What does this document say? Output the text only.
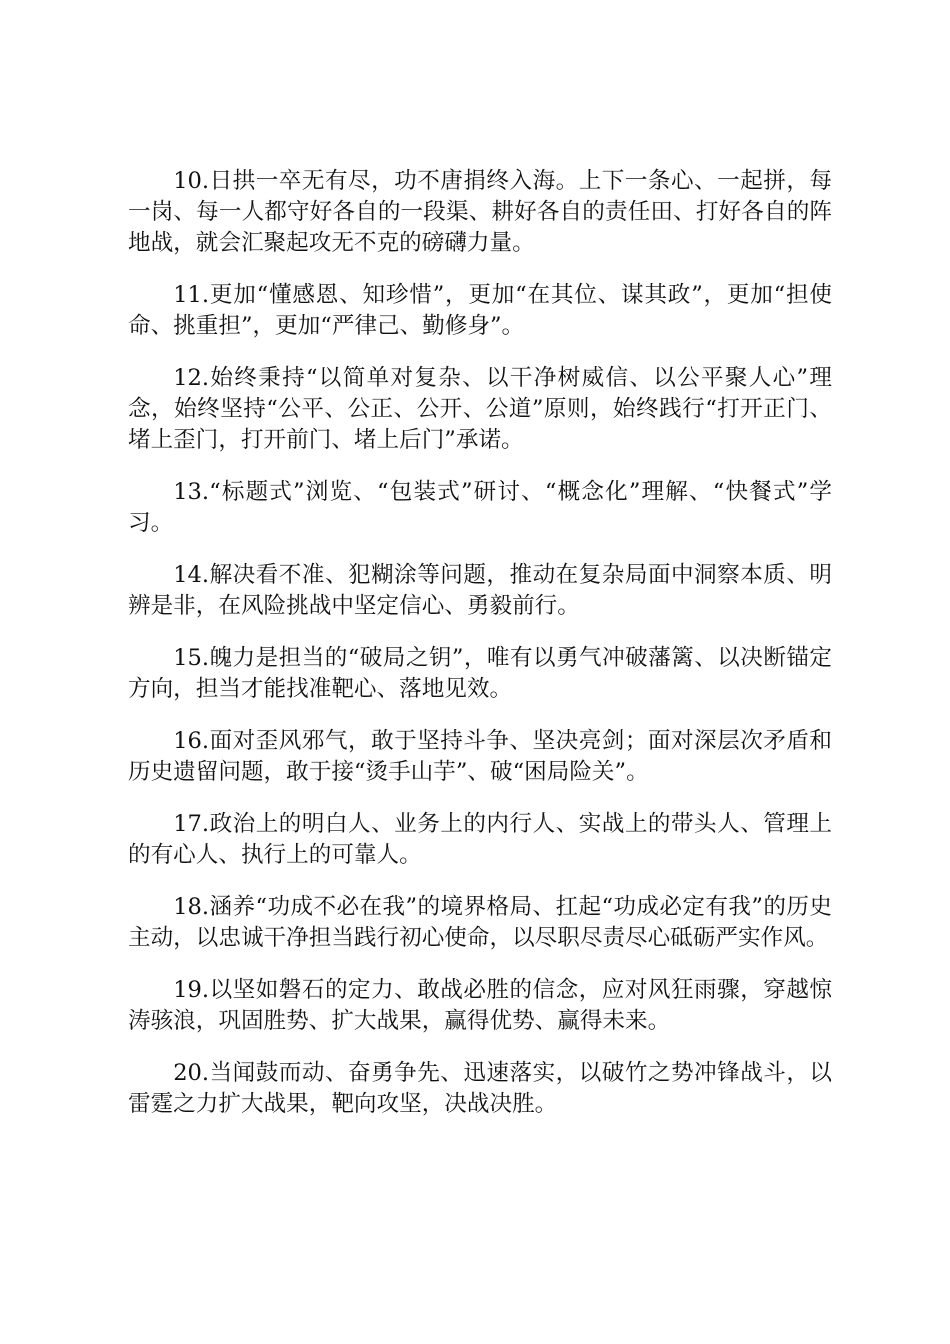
10.日拱一卒无有尽，功不唐捐终入海。上下一条心、一起拼，每一岗、每一人都守好各自的一段渠、耕好各自的责任田、打好各自的阵地战，就会汇聚起攻无不克的磅礴力量。

11.更加“懂感恩、知珍惜”，更加“在其位、谋其政”，更加“担使命、挑重担”，更加“严律己、勤修身”。

12.始终秉持“以简单对复杂、以干净树威信、以公平聚人心”理念，始终坚持“公平、公正、公开、公道”原则，始终践行“打开正门、堵上歪门，打开前门、堵上后门”承诺。

13.“标题式”浏览、“包装式”研讨、“概念化”理解、“快餐式”学习。

14.解决看不准、犯糊涂等问题，推动在复杂局面中洞察本质、明辨是非，在风险挑战中坚定信心、勇毅前行。

15.魄力是担当的“破局之钥”，唯有以勇气冲破藩篱、以决断锚定方向，担当才能找准靶心、落地见效。

16.面对歪风邪气，敢于坚持斗争、坚决亮剑；面对深层次矛盾和历史遗留问题，敢于接“烫手山芋”、破“困局险关”。

17.政治上的明白人、业务上的内行人、实战上的带头人、管理上的有心人、执行上的可靠人。

18.涵养“功成不必在我”的境界格局、扛起“功成必定有我”的历史主动，以忠诚干净担当践行初心使命，以尽职尽责尽心砥砺严实作风。

19.以坚如磐石的定力、敢战必胜的信念，应对风狂雨骤，穿越惊涛骇浪，巩固胜势、扩大战果，赢得优势、赢得未来。

20.当闻鼓而动、奋勇争先、迅速落实，以破竹之势冲锋战斗，以雷霆之力扩大战果，靶向攻坚，决战决胜。
